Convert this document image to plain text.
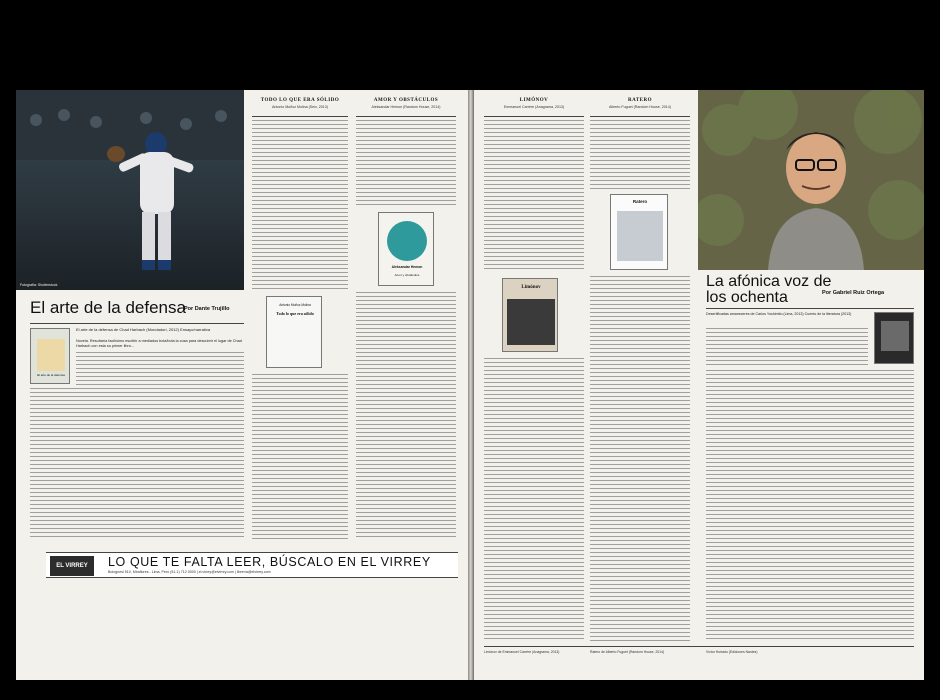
Fotografía: Shutterstock
El arte de la defensa
Por Dante Trujillo
El arte de la defensa de Chad Harbach (Mondadori, 2012) Ensayo/narrativa
El arte de la defensa
Novela. Resultaría facilísimo escribir a mediados bola/bola la cosa para descubrir el lugar de Chad Harbach con esta su primer libro...
TODO LO QUE ERA SÓLIDO
Antonio Muñoz Molina (Seix, 2013)
Antonio Muñoz Molina
Todo lo que era sólido
AMOR Y OBSTÁCULOS
Aleksandar Hemon (Random House, 2014)
Aleksandar Hemon
Amor y obstáculos
EL VIRREY	LO QUE TE FALTA LEER, BÚSCALO EN EL VIRREY
Bolognesi 510, Miraflores - Lima, Perú (51-1) 712 0000 | el.virrey@elvirrey.com | librería@elvirrey.com
LIMÓNOV
Emmanuel Carrère (Anagrama, 2013)
Limónov
RATERO
Alberto Fuguet (Random House, 2014)
Ratero
La afónica voz de los ochenta	Por Gabriel Ruiz Ortega
Desertificadas amaneceres de Carlos Yushimito (Lima, 2013) Cuento de la literatura (2013)
Limónov de Emmanuel Carrère (Anagrama, 2013)	Ratero de Alberto Fuguet (Random House, 2014)	Víctor Hurtado (Ediciones Nantes)
